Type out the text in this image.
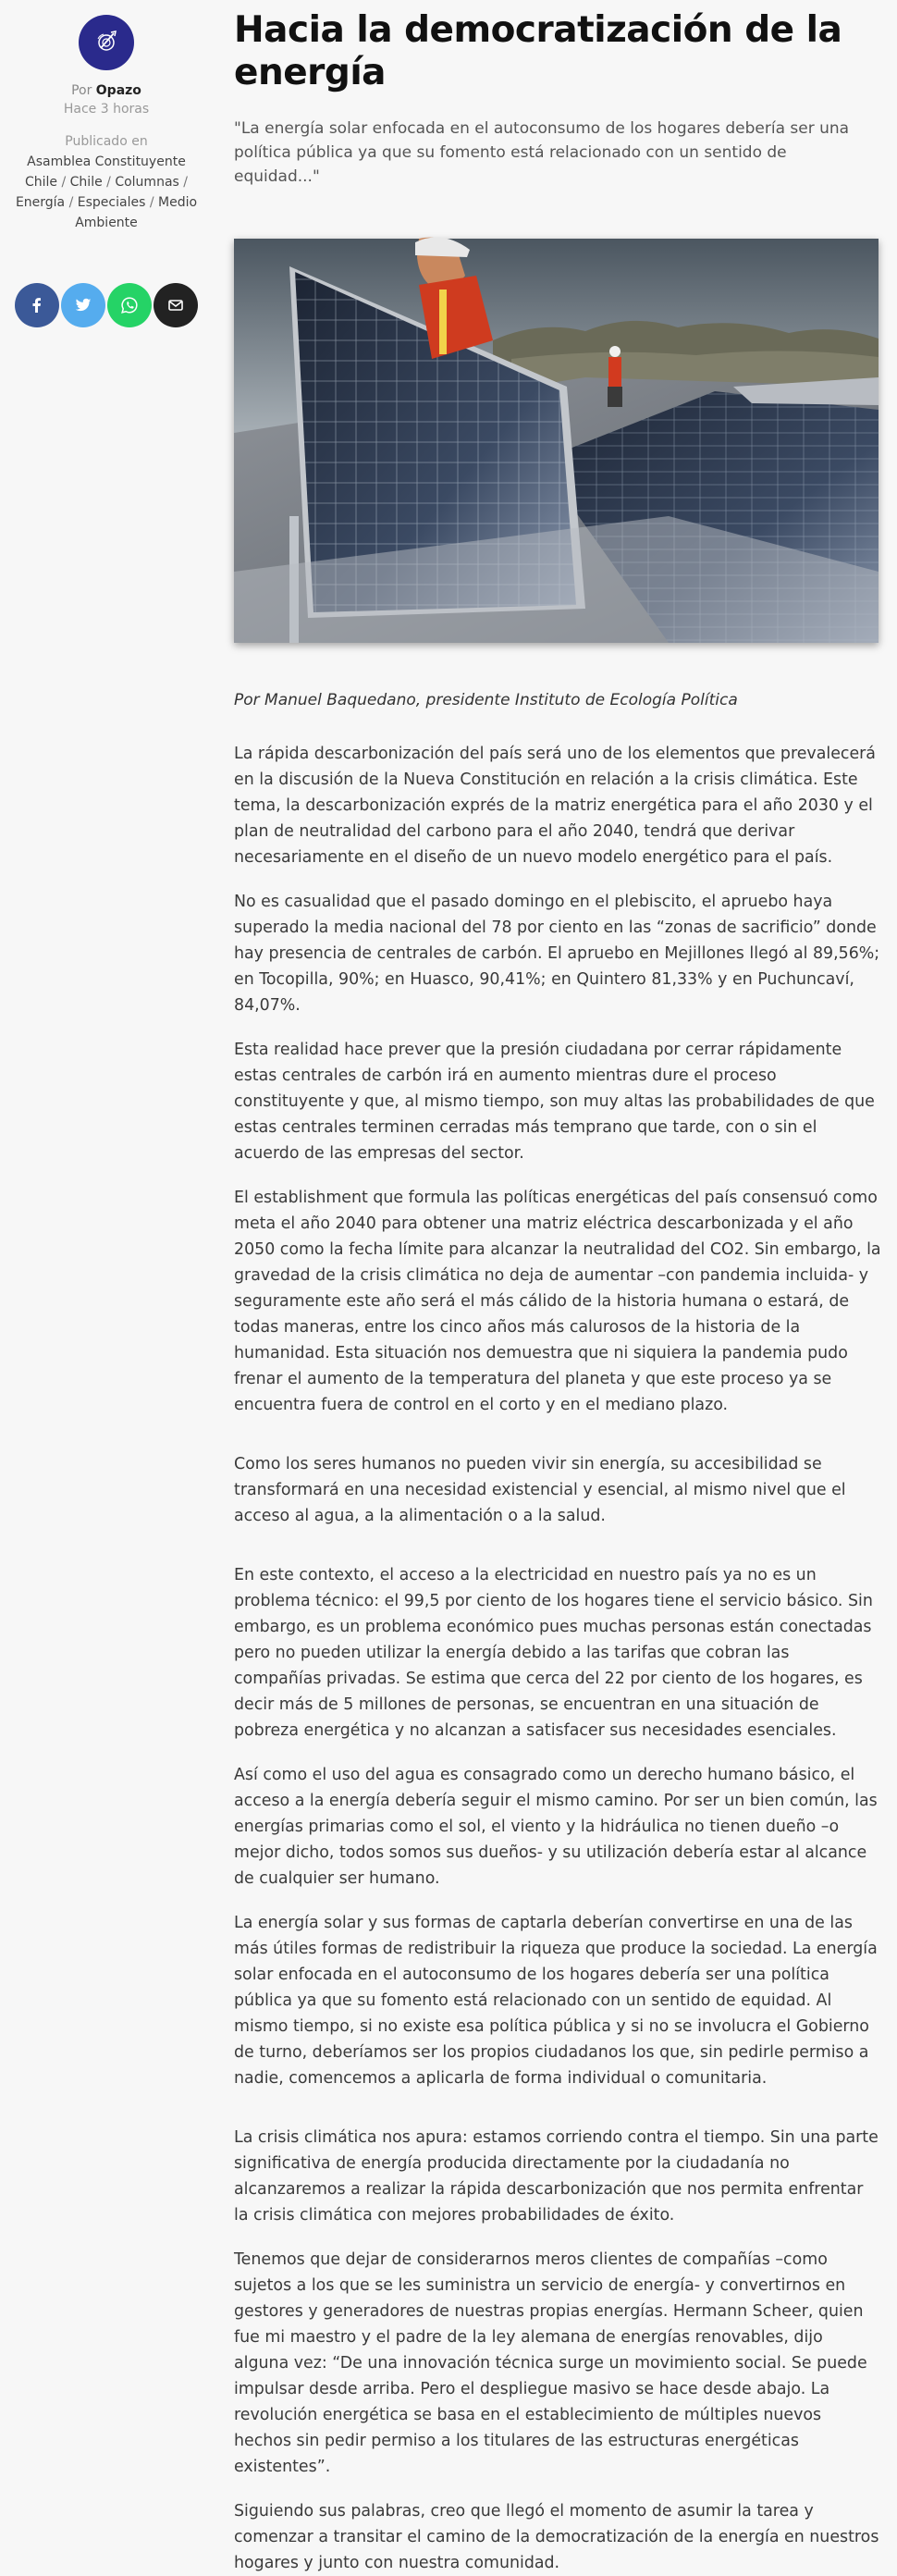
Por Opazo
Hace 3 horas
Publicado en
Asamblea Constituyente Chile / Chile / Columnas / Energía / Especiales / Medio Ambiente
Hacia la democratización de la energía

"La energía solar enfocada en el autoconsumo de los hogares debería ser una política pública ya que su fomento está relacionado con un sentido de equidad..."

Por Manuel Baquedano, presidente Instituto de Ecología Política

La rápida descarbonización del país será uno de los elementos que prevalecerá en la discusión de la Nueva Constitución en relación a la crisis climática. Este tema, la descarbonización exprés de la matriz energética para el año 2030 y el plan de neutralidad del carbono para el año 2040, tendrá que derivar necesariamente en el diseño de un nuevo modelo energético para el país.

No es casualidad que el pasado domingo en el plebiscito, el apruebo haya superado la media nacional del 78 por ciento en las “zonas de sacrificio” donde hay presencia de centrales de carbón. El apruebo en Mejillones llegó al 89,56%; en Tocopilla, 90%; en Huasco, 90,41%; en Quintero 81,33% y en Puchuncaví, 84,07%.

Esta realidad hace prever que la presión ciudadana por cerrar rápidamente estas centrales de carbón irá en aumento mientras dure el proceso constituyente y que, al mismo tiempo, son muy altas las probabilidades de que estas centrales terminen cerradas más temprano que tarde, con o sin el acuerdo de las empresas del sector.

El establishment que formula las políticas energéticas del país consensuó como meta el año 2040 para obtener una matriz eléctrica descarbonizada y el año 2050 como la fecha límite para alcanzar la neutralidad del CO2. Sin embargo, la gravedad de la crisis climática no deja de aumentar –con pandemia incluida- y seguramente este año será el más cálido de la historia humana o estará, de todas maneras, entre los cinco años más calurosos de la historia de la humanidad. Esta situación nos demuestra que ni siquiera la pandemia pudo frenar el aumento de la temperatura del planeta y que este proceso ya se encuentra fuera de control en el corto y en el mediano plazo.

Como los seres humanos no pueden vivir sin energía, su accesibilidad se transformará en una necesidad existencial y esencial, al mismo nivel que el acceso al agua, a la alimentación o a la salud.

En este contexto, el acceso a la electricidad en nuestro país ya no es un problema técnico: el 99,5 por ciento de los hogares tiene el servicio básico. Sin embargo, es un problema económico pues muchas personas están conectadas pero no pueden utilizar la energía debido a las tarifas que cobran las compañías privadas. Se estima que cerca del 22 por ciento de los hogares, es decir más de 5 millones de personas, se encuentran en una situación de pobreza energética y no alcanzan a satisfacer sus necesidades esenciales.

Así como el uso del agua es consagrado como un derecho humano básico, el acceso a la energía debería seguir el mismo camino. Por ser un bien común, las energías primarias como el sol, el viento y la hidráulica no tienen dueño –o mejor dicho, todos somos sus dueños- y su utilización debería estar al alcance de cualquier ser humano.

La energía solar y sus formas de captarla deberían convertirse en una de las más útiles formas de redistribuir la riqueza que produce la sociedad. La energía solar enfocada en el autoconsumo de los hogares debería ser una política pública ya que su fomento está relacionado con un sentido de equidad. Al mismo tiempo, si no existe esa política pública y si no se involucra el Gobierno de turno, deberíamos ser los propios ciudadanos los que, sin pedirle permiso a nadie, comencemos a aplicarla de forma individual o comunitaria.

La crisis climática nos apura: estamos corriendo contra el tiempo. Sin una parte significativa de energía producida directamente por la ciudadanía no alcanzaremos a realizar la rápida descarbonización que nos permita enfrentar la crisis climática con mejores probabilidades de éxito.

Tenemos que dejar de considerarnos meros clientes de compañías –como sujetos a los que se les suministra un servicio de energía- y convertirnos en gestores y generadores de nuestras propias energías. Hermann Scheer, quien fue mi maestro y el padre de la ley alemana de energías renovables, dijo alguna vez: “De una innovación técnica surge un movimiento social. Se puede impulsar desde arriba. Pero el despliegue masivo se hace desde abajo. La revolución energética se basa en el establecimiento de múltiples nuevos hechos sin pedir permiso a los titulares de las estructuras energéticas existentes”.

Siguiendo sus palabras, creo que llegó el momento de asumir la tarea y comenzar a transitar el camino de la democratización de la energía en nuestros hogares y junto con nuestra comunidad.
